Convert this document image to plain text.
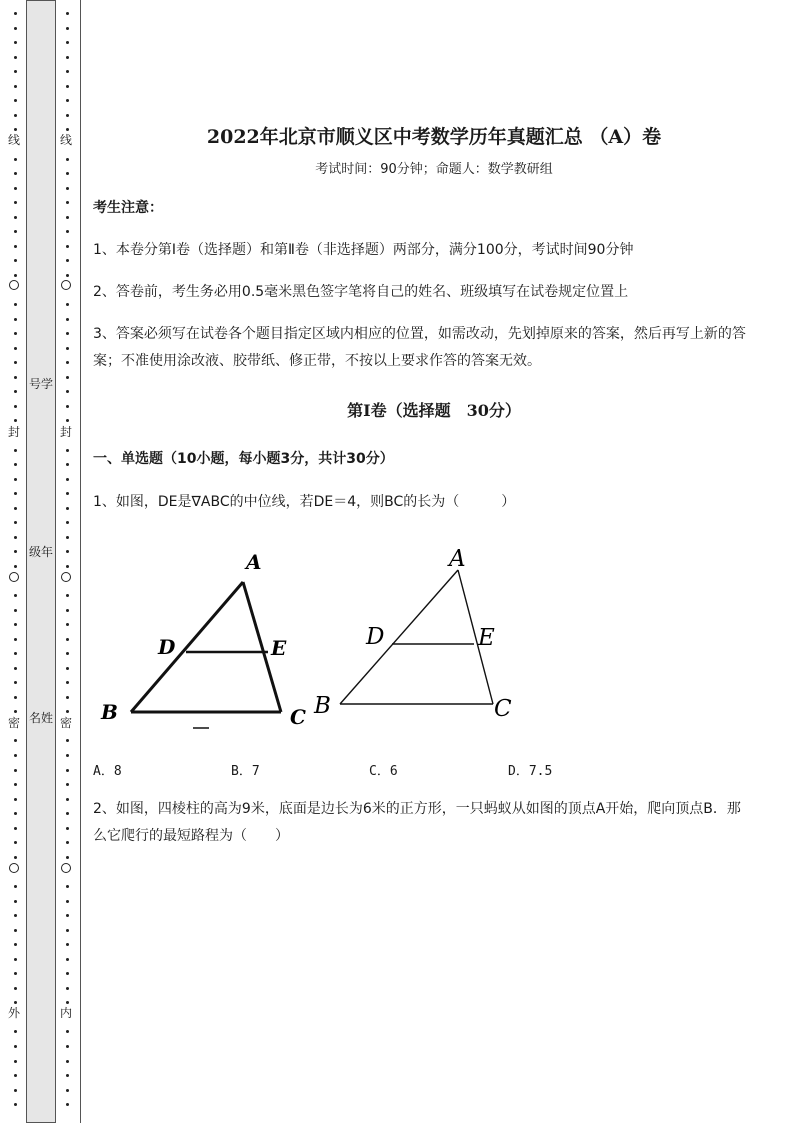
线
封
密
外
号学
级年
名姓
线
封
密
内
2022年北京市顺义区中考数学历年真题汇总 （A）卷
考试时间：90分钟；命题人：数学教研组
考生注意：
1、本卷分第I卷（选择题）和第Ⅱ卷（非选择题）两部分，满分100分，考试时间90分钟
2、答卷前，考生务必用0.5毫米黑色签字笔将自己的姓名、班级填写在试卷规定位置上
3、答案必须写在试卷各个题目指定区域内相应的位置，如需改动，先划掉原来的答案，然后再写上新的答案；不准使用涂改液、胶带纸、修正带，不按以上要求作答的答案无效。
第I卷（选择题　30分）
一、单选题（10小题，每小题3分，共计30分）
1、如图，DE是∇ABC的中位线，若DE＝4，则BC的长为（　　　）
A
D	E
B	C
A
D	E
B	C
A．8	B．7	C．6	D．7.5
2、如图，四棱柱的高为9米，底面是边长为6米的正方形，一只蚂蚁从如图的顶点A开始，爬向顶点B．那么它爬行的最短路程为（　　）
